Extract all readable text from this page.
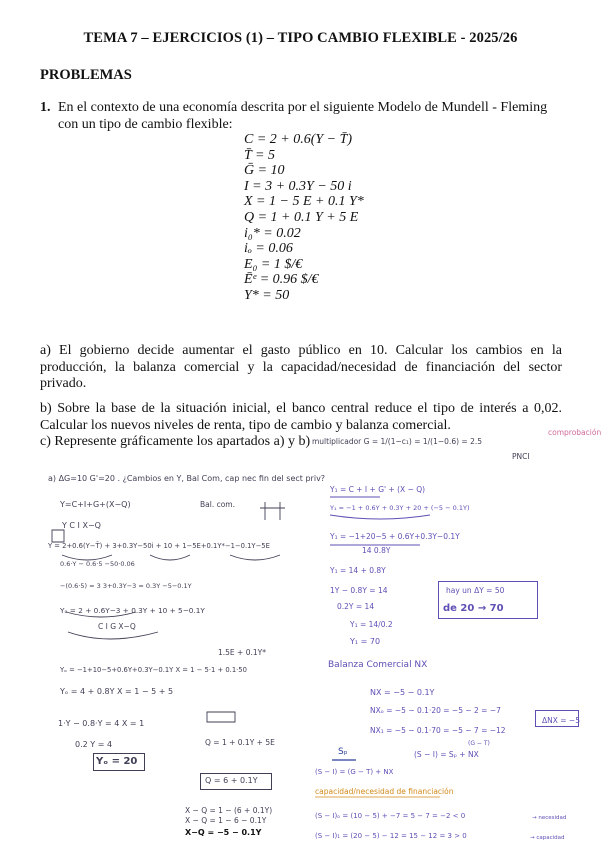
TEMA 7 – EJERCICIOS (1) – TIPO CAMBIO FLEXIBLE - 2025/26
PROBLEMAS
1. En el contexto de una economía descrita por el siguiente Modelo de Mundell - Fleming
con un tipo de cambio flexible:
C = 2 + 0.6(Y − T̄)
T̄ = 5
Ḡ = 10
I = 3 + 0.3Y − 50 i
X = 1 − 5 E + 0.1 Y*
Q = 1 + 0.1 Y + 5 E
i₀* = 0.02
iₒ = 0.06
E₀ = 1 $/€
Ēᵉ = 0.96 $/€
Y* = 50
a) El gobierno decide aumentar el gasto público en 10. Calcular los cambios en la producción, la balanza comercial y la capacidad/necesidad de financiación del sector privado.
b) Sobre la base de la situación inicial, el banco central reduce el tipo de interés a 0,02. Calcular los nuevos niveles de renta, tipo de cambio y balanza comercial.
c) Represente gráficamente los apartados a) y b) multiplicador G = 1/(1−c₁) = 1/(1−0.6) = 2.5
comprobación
PNCI
a) ΔG=10 G'=20 . ¿Cambios en Y, Bal Com, cap nec fin del sect priv?
Y=C+I+G+(X−Q)	Bal. com.
Y C I X−Q
Y = 2+0.6(Y−T̄) + 3+0.3Y−50i + 10 + 1−5E+0.1Y*−1−0.1Y−5E
0.6·Y − 0.6·5 −50·0.06
−(0.6·5) = 3 3+0.3Y−3 = 0.3Y −5−0.1Y
Yₒ = 2 + 0.6Y−3 + 0.3Y + 10 + 5−0.1Y
C I G X−Q
1.5E + 0.1Y*
Yₒ = −1+10−5+0.6Y+0.3Y−0.1Y X = 1 − 5·1 + 0.1·50
Yₒ = 4 + 0.8Y X = 1 − 5 + 5
1·Y − 0.8·Y = 4 X = 1
0.2 Y = 4
Yₒ = 20
Q = 1 + 0.1Y + 5E
Q = 6 + 0.1Y
X − Q = 1 − (6 + 0.1Y)
X − Q = 1 − 6 − 0.1Y
X−Q = −5 − 0.1Y
Y₁ = C + I + G' + (X − Q)
Y₁ = −1 + 0.6Y + 0.3Y + 20 + (−5 − 0.1Y)
Y₁ = −1+20−5 + 0.6Y+0.3Y−0.1Y
14 0.8Y
Y₁ = 14 + 0.8Y
1Y − 0.8Y = 14
0.2Y = 14
Y₁ = 14/0.2
Y₁ = 70
hay un ΔY = 50
de 20 → 70
Balanza Comercial NX
NX = −5 − 0.1Y
NXₒ = −5 − 0.1·20 = −5 − 2 = −7
NX₁ = −5 − 0.1·70 = −5 − 7 = −12
ΔNX = −5
Sₚ	(S − I) = Sₚ + NX
(G − T)
(S − I) = (G − T) + NX
capacidad/necesidad de financiación
(S − I)ₒ = (10 − 5) + −7 = 5 − 7 = −2 < 0	→ necesidad
(S − I)₁ = (20 − 5) − 12 = 15 − 12 = 3 > 0	→ capacidad
